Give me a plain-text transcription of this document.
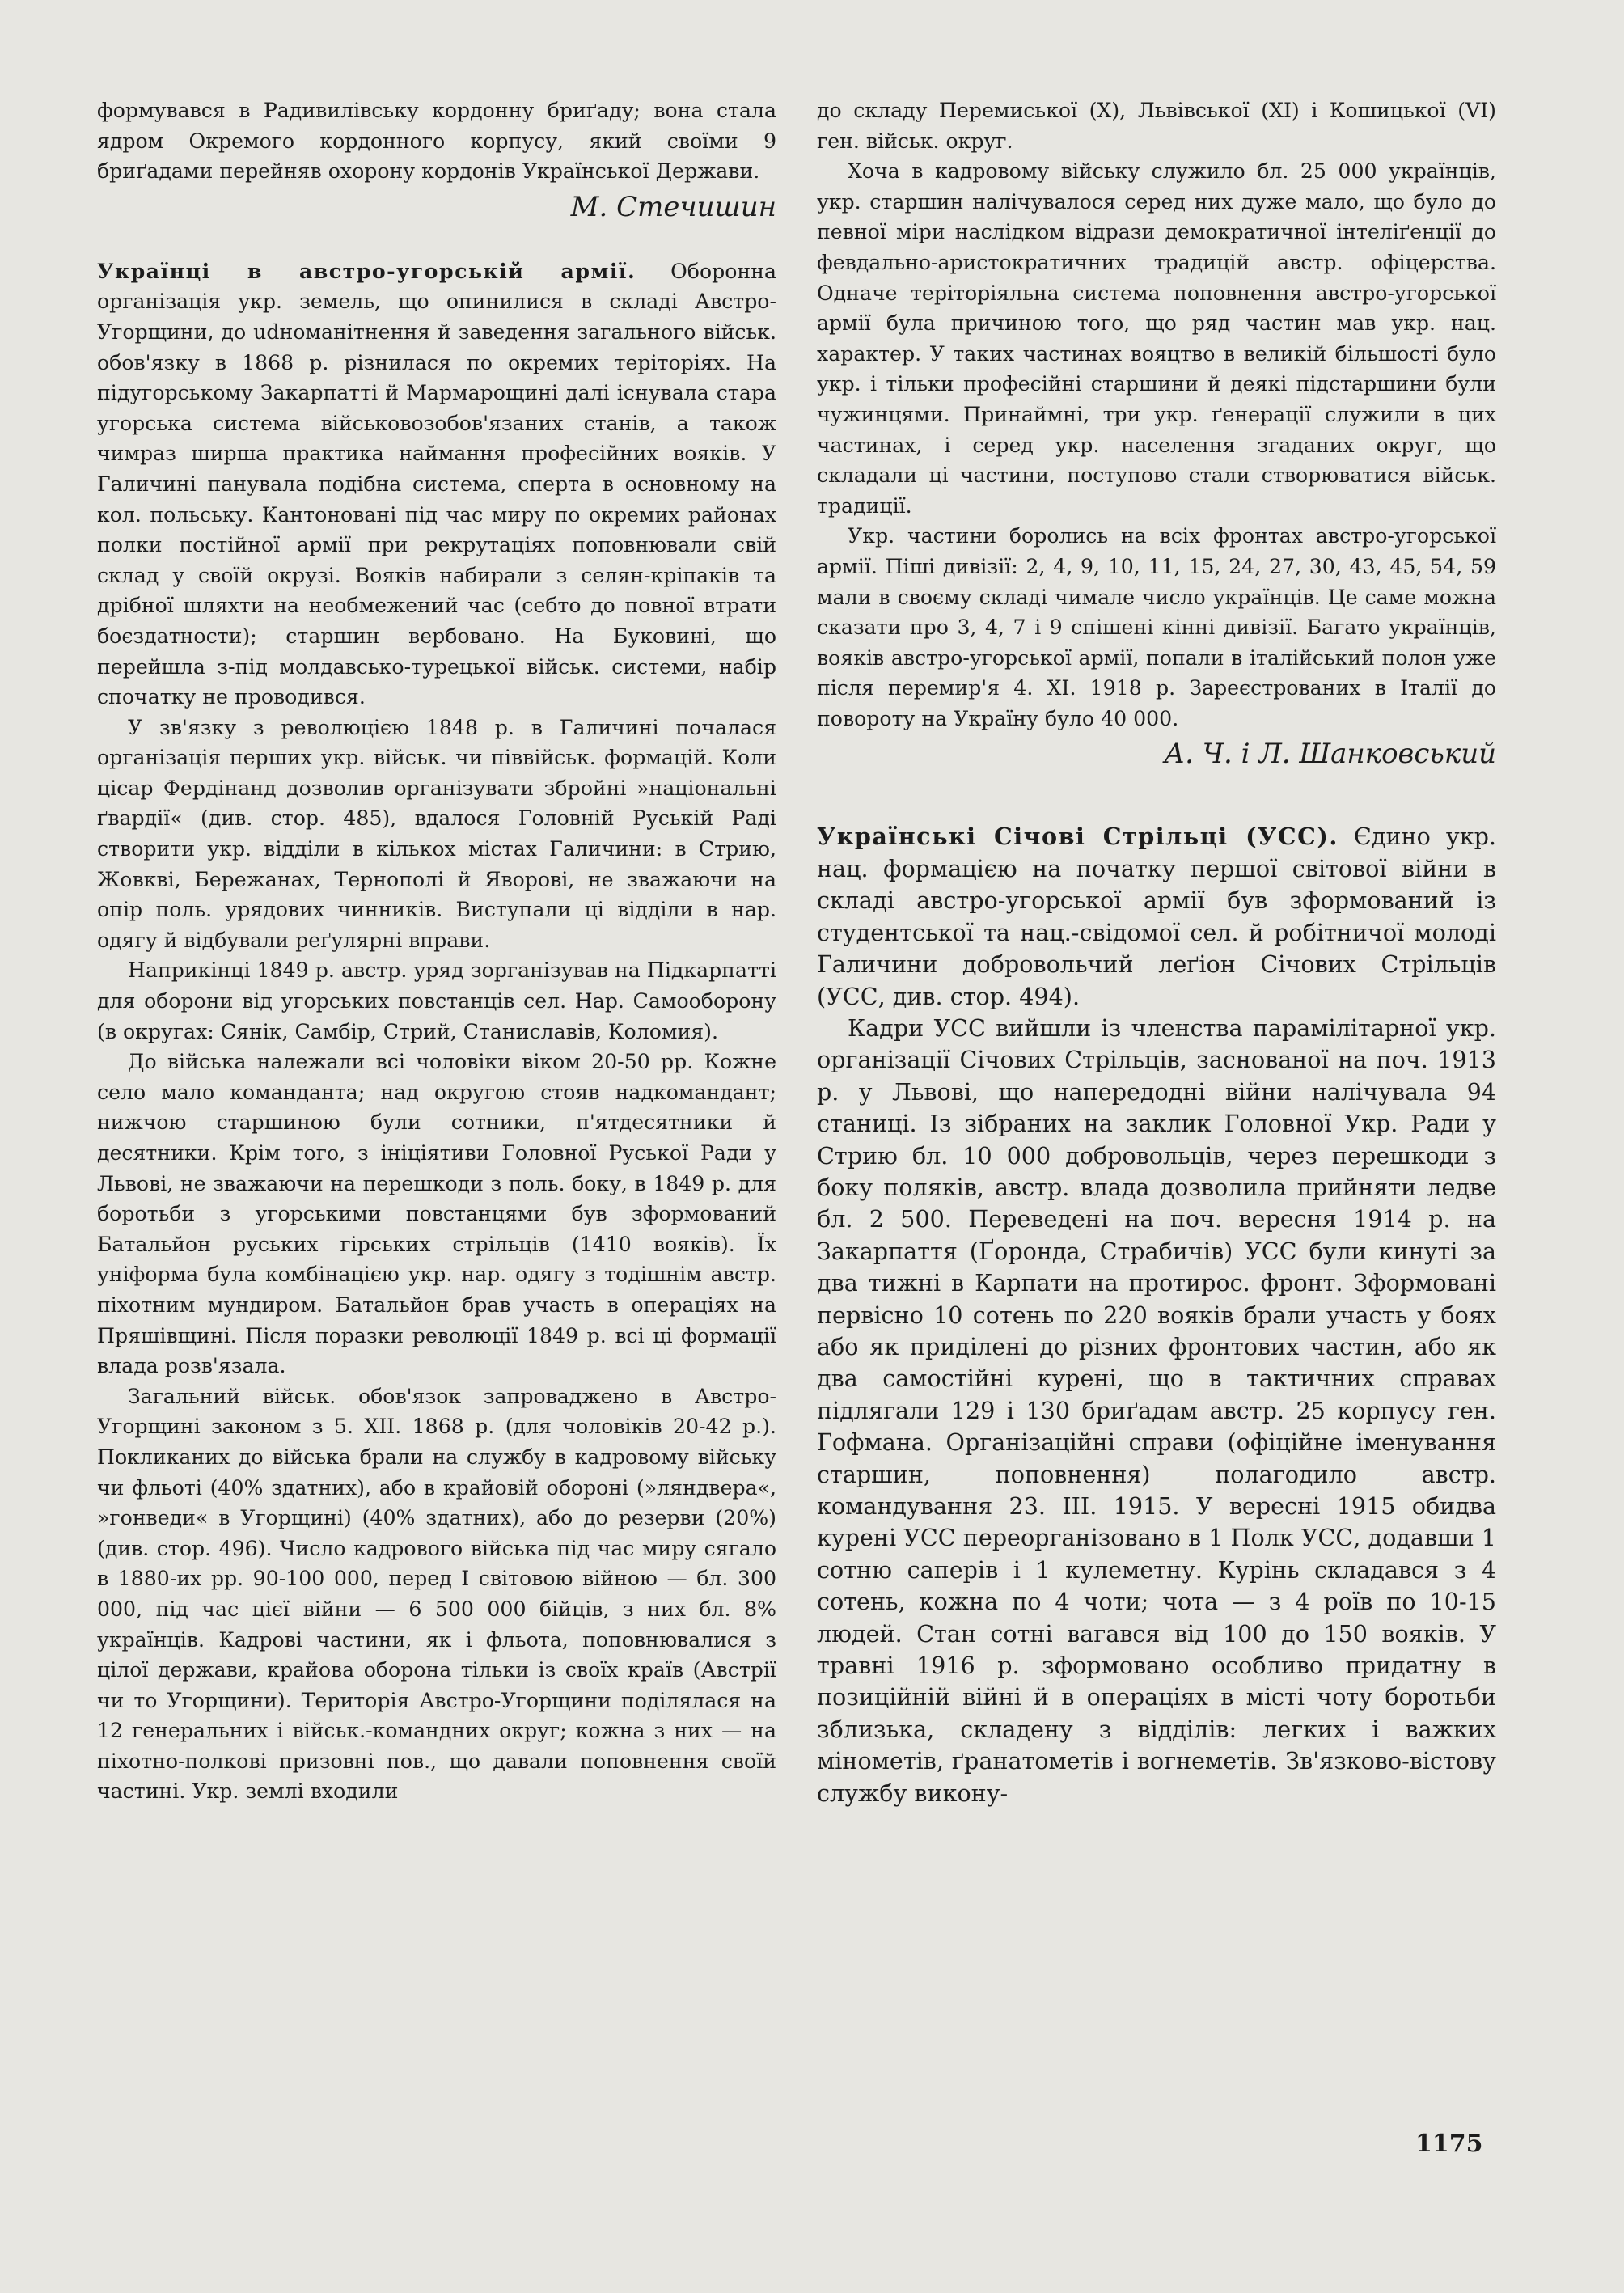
формувався в Радивилівську кордонну бриґаду; вона стала ядром Окремого кордонного корпусу, який своїми 9 бриґадами перейняв охорону кордонів Української Держави.

М. Стечишин

Українці в австро-угорській армії. Оборонна організація укр. земель, що опинилися в складі Австро-Угорщини, до udноманітнення й заведення загального військ. обов'язку в 1868 р. різнилася по окремих теріторіях. На підугорському Закарпатті й Мармарощині далі існувала стара угорська система військовозобов'язаних станів, а також чимраз ширша практика наймання професійних вояків. У Галичині панувала подібна система, сперта в основному на кол. польську. Кантоновані під час миру по окремих районах полки постійної армії при рекрутаціях поповнювали свій склад у своїй окрузі. Вояків набирали з селян-кріпаків та дрібної шляхти на необмежений час (себто до повної втрати боєздатности); старшин вербовано. На Буковині, що перейшла з-під молдавсько-турецької військ. системи, набір спочатку не проводився.

У зв'язку з революцією 1848 р. в Галичині почалася організація перших укр. військ. чи піввійськ. формацій. Коли цісар Фердінанд дозволив організувати збройні »національні ґвардії« (див. стор. 485), вдалося Головній Руській Раді створити укр. відділи в кількох містах Галичини: в Стрию, Жовкві, Бережанах, Тернополі й Яворові, не зважаючи на опір поль. урядових чинників. Виступали ці відділи в нар. одягу й відбували реґулярні вправи.

Наприкінці 1849 р. австр. уряд зорганізував на Підкарпатті для оборони від угорських повстанців сел. Нар. Самооборону (в округах: Сянік, Самбір, Стрий, Станиславів, Коломия).

До війська належали всі чоловіки віком 20-50 рр. Кожне село мало команданта; над округою стояв надкомандант; нижчою старшиною були сотники, п'ятдесятники й десятники. Крім того, з ініціятиви Головної Руської Ради у Львові, не зважаючи на перешкоди з поль. боку, в 1849 р. для боротьби з угорськими повстанцями був зформований Батальйон руських гірських стрільців (1410 вояків). Їх уніформа була комбінацією укр. нар. одягу з тодішнім австр. піхотним мундиром. Батальйон брав участь в операціях на Пряшівщині. Після поразки революції 1849 р. всі ці формації влада розв'язала.

Загальний військ. обов'язок запроваджено в Австро-Угорщині законом з 5. XII. 1868 р. (для чоловіків 20-42 р.). Покликаних до війська брали на службу в кадровому війську чи фльоті (40% здатних), або в крайовій обороні (»ляндвера«, »гонведи« в Угорщині) (40% здатних), або до резерви (20%) (див. стор. 496). Число кадрового війська під час миру сягало в 1880-их рр. 90-100 000, перед I світовою війною — бл. 300 000, під час цієї війни — 6 500 000 бійців, з них бл. 8% українців. Кадрові частини, як і фльота, поповнювалися з цілої держави, крайова оборона тільки із своїх країв (Австрії чи то Угорщини). Територія Австро-Угорщини поділялася на 12 генеральних і військ.-командних округ; кожна з них — на піхотно-полкові призовні пов., що давали поповнення своїй частині. Укр. землі входили

до складу Перемиської (X), Львівської (XI) і Кошицької (VI) ген. військ. округ.

Хоча в кадровому війську служило бл. 25 000 українців, укр. старшин налічувалося серед них дуже мало, що було до певної міри наслідком відрази демократичної інтеліґенції до февдально-аристократичних традицій австр. офіцерства. Одначе теріторіяльна система поповнення австро-угорської армії була причиною того, що ряд частин мав укр. нац. характер. У таких частинах вояцтво в великій більшості було укр. і тільки професійні старшини й деякі підстаршини були чужинцями. Принаймні, три укр. ґенерації служили в цих частинах, і серед укр. населення згаданих округ, що складали ці частини, поступово стали створюватися військ. традиції.

Укр. частини боролись на всіх фронтах австро-угорської армії. Піші дивізії: 2, 4, 9, 10, 11, 15, 24, 27, 30, 43, 45, 54, 59 мали в своєму складі чимале число українців. Це саме можна сказати про 3, 4, 7 і 9 спішені кінні дивізії. Багато українців, вояків австро-угорської армії, попали в італійський полон уже після перемир'я 4. XI. 1918 р. Зареєстрованих в Італії до повороту на Україну було 40 000.

А. Ч. і Л. Шанковський

Українські Січові Стрільці (УСС). Єдино укр. нац. формацією на початку першої світової війни в складі австро-угорської армії був зформований із студентської та нац.-свідомої сел. й робітничої молоді Галичини добровольчий леґіон Січових Стрільців (УСС, див. стор. 494).

Кадри УСС вийшли із членства парамілітарної укр. організації Січових Стрільців, заснованої на поч. 1913 р. у Львові, що напередодні війни налічувала 94 станиці. Із зібраних на заклик Головної Укр. Ради у Стрию бл. 10 000 добровольців, через перешкоди з боку поляків, австр. влада дозволила прийняти ледве бл. 2 500. Переведені на поч. вересня 1914 р. на Закарпаття (Ґоронда, Страбичів) УСС були кинуті за два тижні в Карпати на протирос. фронт. Зформовані первісно 10 сотень по 220 вояків брали участь у боях або як приділені до різних фронтових частин, або як два самостійні курені, що в тактичних справах підлягали 129 і 130 бриґадам австр. 25 корпусу ген. Гофмана. Організаційні справи (офіційне іменування старшин, поповнення) полагодило австр. командування 23. III. 1915. У вересні 1915 обидва курені УСС переорганізовано в 1 Полк УСС, додавши 1 сотню саперів і 1 кулеметну. Курінь складався з 4 сотень, кожна по 4 чоти; чота — з 4 роїв по 10-15 людей. Стан сотні вагався від 100 до 150 вояків. У травні 1916 р. зформовано особливо придатну в позиційній війні й в операціях в місті чоту боротьби зблизька, складену з відділів: легких і важких мінометів, ґранатометів і вогнеметів. Зв'язково-вістову службу викону-

1175
